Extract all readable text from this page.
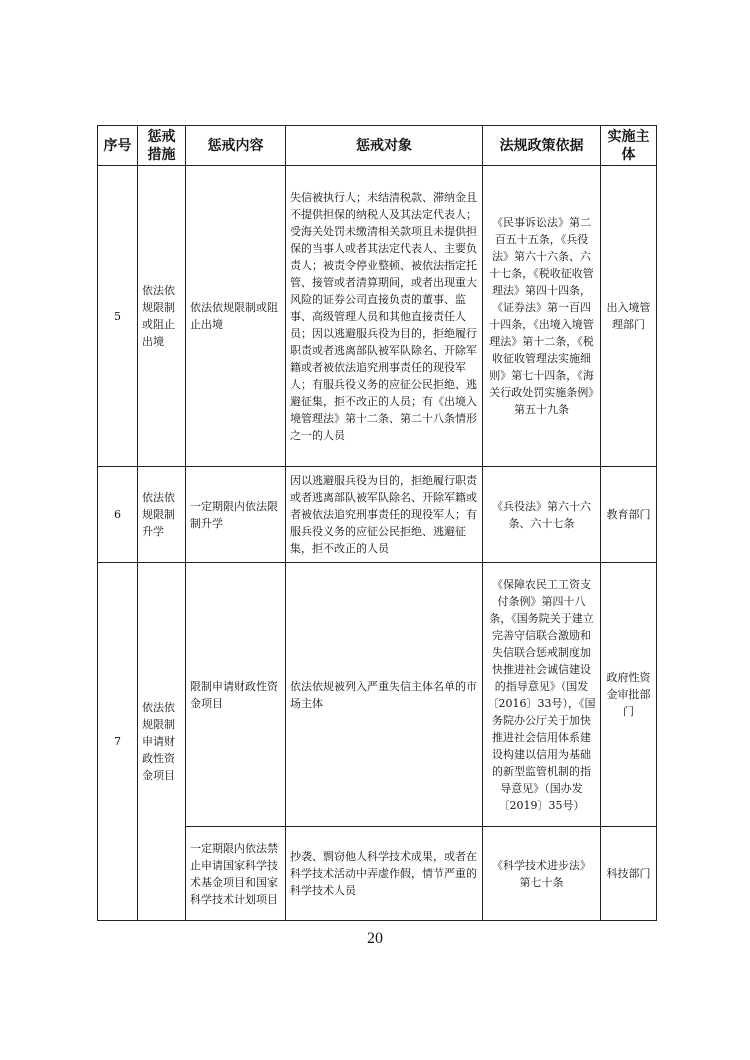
序号	惩戒措施	惩戒内容	惩戒对象	法规政策依据	实施主体
5	依法依规限制或阻止出境	依法依规限制或阻止出境	失信被执行人；未结清税款、滞纳金且不提供担保的纳税人及其法定代表人；受海关处罚未缴清相关款项且未提供担保的当事人或者其法定代表人、主要负责人；被责令停业整顿、被依法指定托管、接管或者清算期间，或者出现重大风险的证券公司直接负责的董事、监事、高级管理人员和其他直接责任人员；因以逃避服兵役为目的，拒绝履行职责或者逃离部队被军队除名、开除军籍或者被依法追究刑事责任的现役军人；有服兵役义务的应征公民拒绝、逃避征集，拒不改正的人员；有《出境入境管理法》第十二条、第二十八条情形之一的人员	《民事诉讼法》第二百五十五条，《兵役法》第六十六条、六十七条，《税收征收管理法》第四十四条，《证券法》第一百四十四条，《出境入境管理法》第十二条，《税收征收管理法实施细则》第七十四条，《海关行政处罚实施条例》第五十九条	出入境管理部门
6	依法依规限制升学	一定期限内依法限制升学	因以逃避服兵役为目的，拒绝履行职责或者逃离部队被军队除名、开除军籍或者被依法追究刑事责任的现役军人；有服兵役义务的应征公民拒绝、逃避征集，拒不改正的人员	《兵役法》第六十六条、六十七条	教育部门
7	依法依规限制申请财政性资金项目	限制申请财政性资金项目	依法依规被列入严重失信主体名单的市场主体	《保障农民工工资支付条例》第四十八条，《国务院关于建立完善守信联合激励和失信联合惩戒制度加快推进社会诚信建设的指导意见》（国发〔2016〕33号），《国务院办公厅关于加快推进社会信用体系建设构建以信用为基础的新型监管机制的指导意见》（国办发〔2019〕35号）	政府性资金审批部门
		一定期限内依法禁止申请国家科学技术基金项目和国家科学技术计划项目	抄袭、剽窃他人科学技术成果，或者在科学技术活动中弄虚作假，情节严重的科学技术人员	《科学技术进步法》第七十条	科技部门
20
